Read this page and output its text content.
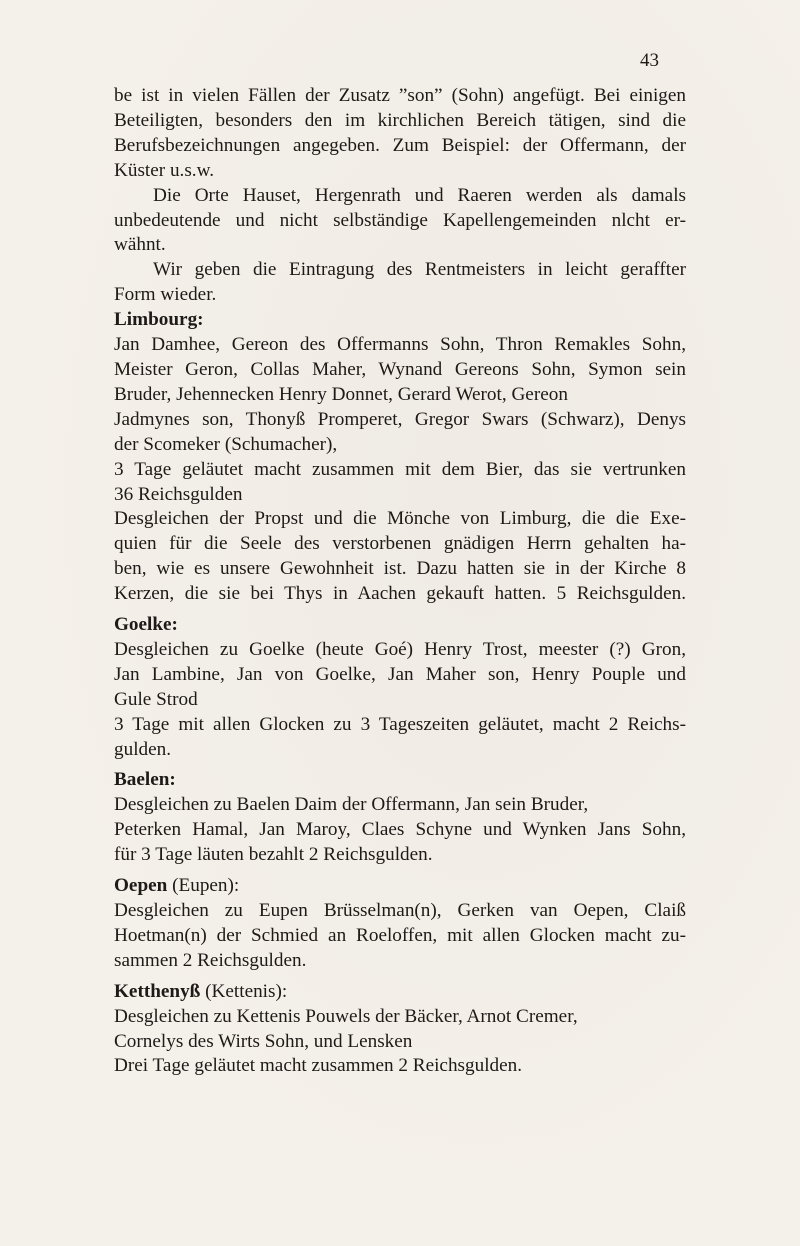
43
be ist in vielen Fällen der Zusatz ”son” (Sohn) angefügt. Bei einigen
Beteiligten, besonders den im kirchlichen Bereich tätigen, sind die
Berufsbezeichnungen angegeben. Zum Beispiel: der Offermann, der
Küster u.s.w.
Die Orte Hauset, Hergenrath und Raeren werden als damals
unbedeutende und nicht selbständige Kapellengemeinden nlcht er-
wähnt.
Wir geben die Eintragung des Rentmeisters in leicht geraffter
Form wieder.
Limbourg:
Jan Damhee, Gereon des Offermanns Sohn, Thron Remakles Sohn,
Meister Geron, Collas Maher, Wynand Gereons Sohn, Symon sein
Bruder, Jehennecken Henry Donnet, Gerard Werot, Gereon
Jadmynes son, Thonyß Promperet, Gregor Swars (Schwarz), Denys
der Scomeker (Schumacher),
3 Tage geläutet macht zusammen mit dem Bier, das sie vertrunken
36 Reichsgulden
Desgleichen der Propst und die Mönche von Limburg, die die Exe-
quien für die Seele des verstorbenen gnädigen Herrn gehalten ha-
ben, wie es unsere Gewohnheit ist. Dazu hatten sie in der Kirche 8
Kerzen, die sie bei Thys in Aachen gekauft hatten. 5 Reichsgulden.
Goelke:
Desgleichen zu Goelke (heute Goé) Henry Trost, meester (?) Gron,
Jan Lambine, Jan von Goelke, Jan Maher son, Henry Pouple und
Gule Strod
3 Tage mit allen Glocken zu 3 Tageszeiten geläutet, macht 2 Reichs-
gulden.
Baelen:
Desgleichen zu Baelen Daim der Offermann, Jan sein Bruder,
Peterken Hamal, Jan Maroy, Claes Schyne und Wynken Jans Sohn,
für 3 Tage läuten bezahlt 2 Reichsgulden.
Oepen (Eupen):
Desgleichen zu Eupen Brüsselman(n), Gerken van Oepen, Claiß
Hoetman(n) der Schmied an Roeloffen, mit allen Glocken macht zu-
sammen 2 Reichsgulden.
Ketthenyß (Kettenis):
Desgleichen zu Kettenis Pouwels der Bäcker, Arnot Cremer,
Cornelys des Wirts Sohn, und Lensken
Drei Tage geläutet macht zusammen 2 Reichsgulden.
